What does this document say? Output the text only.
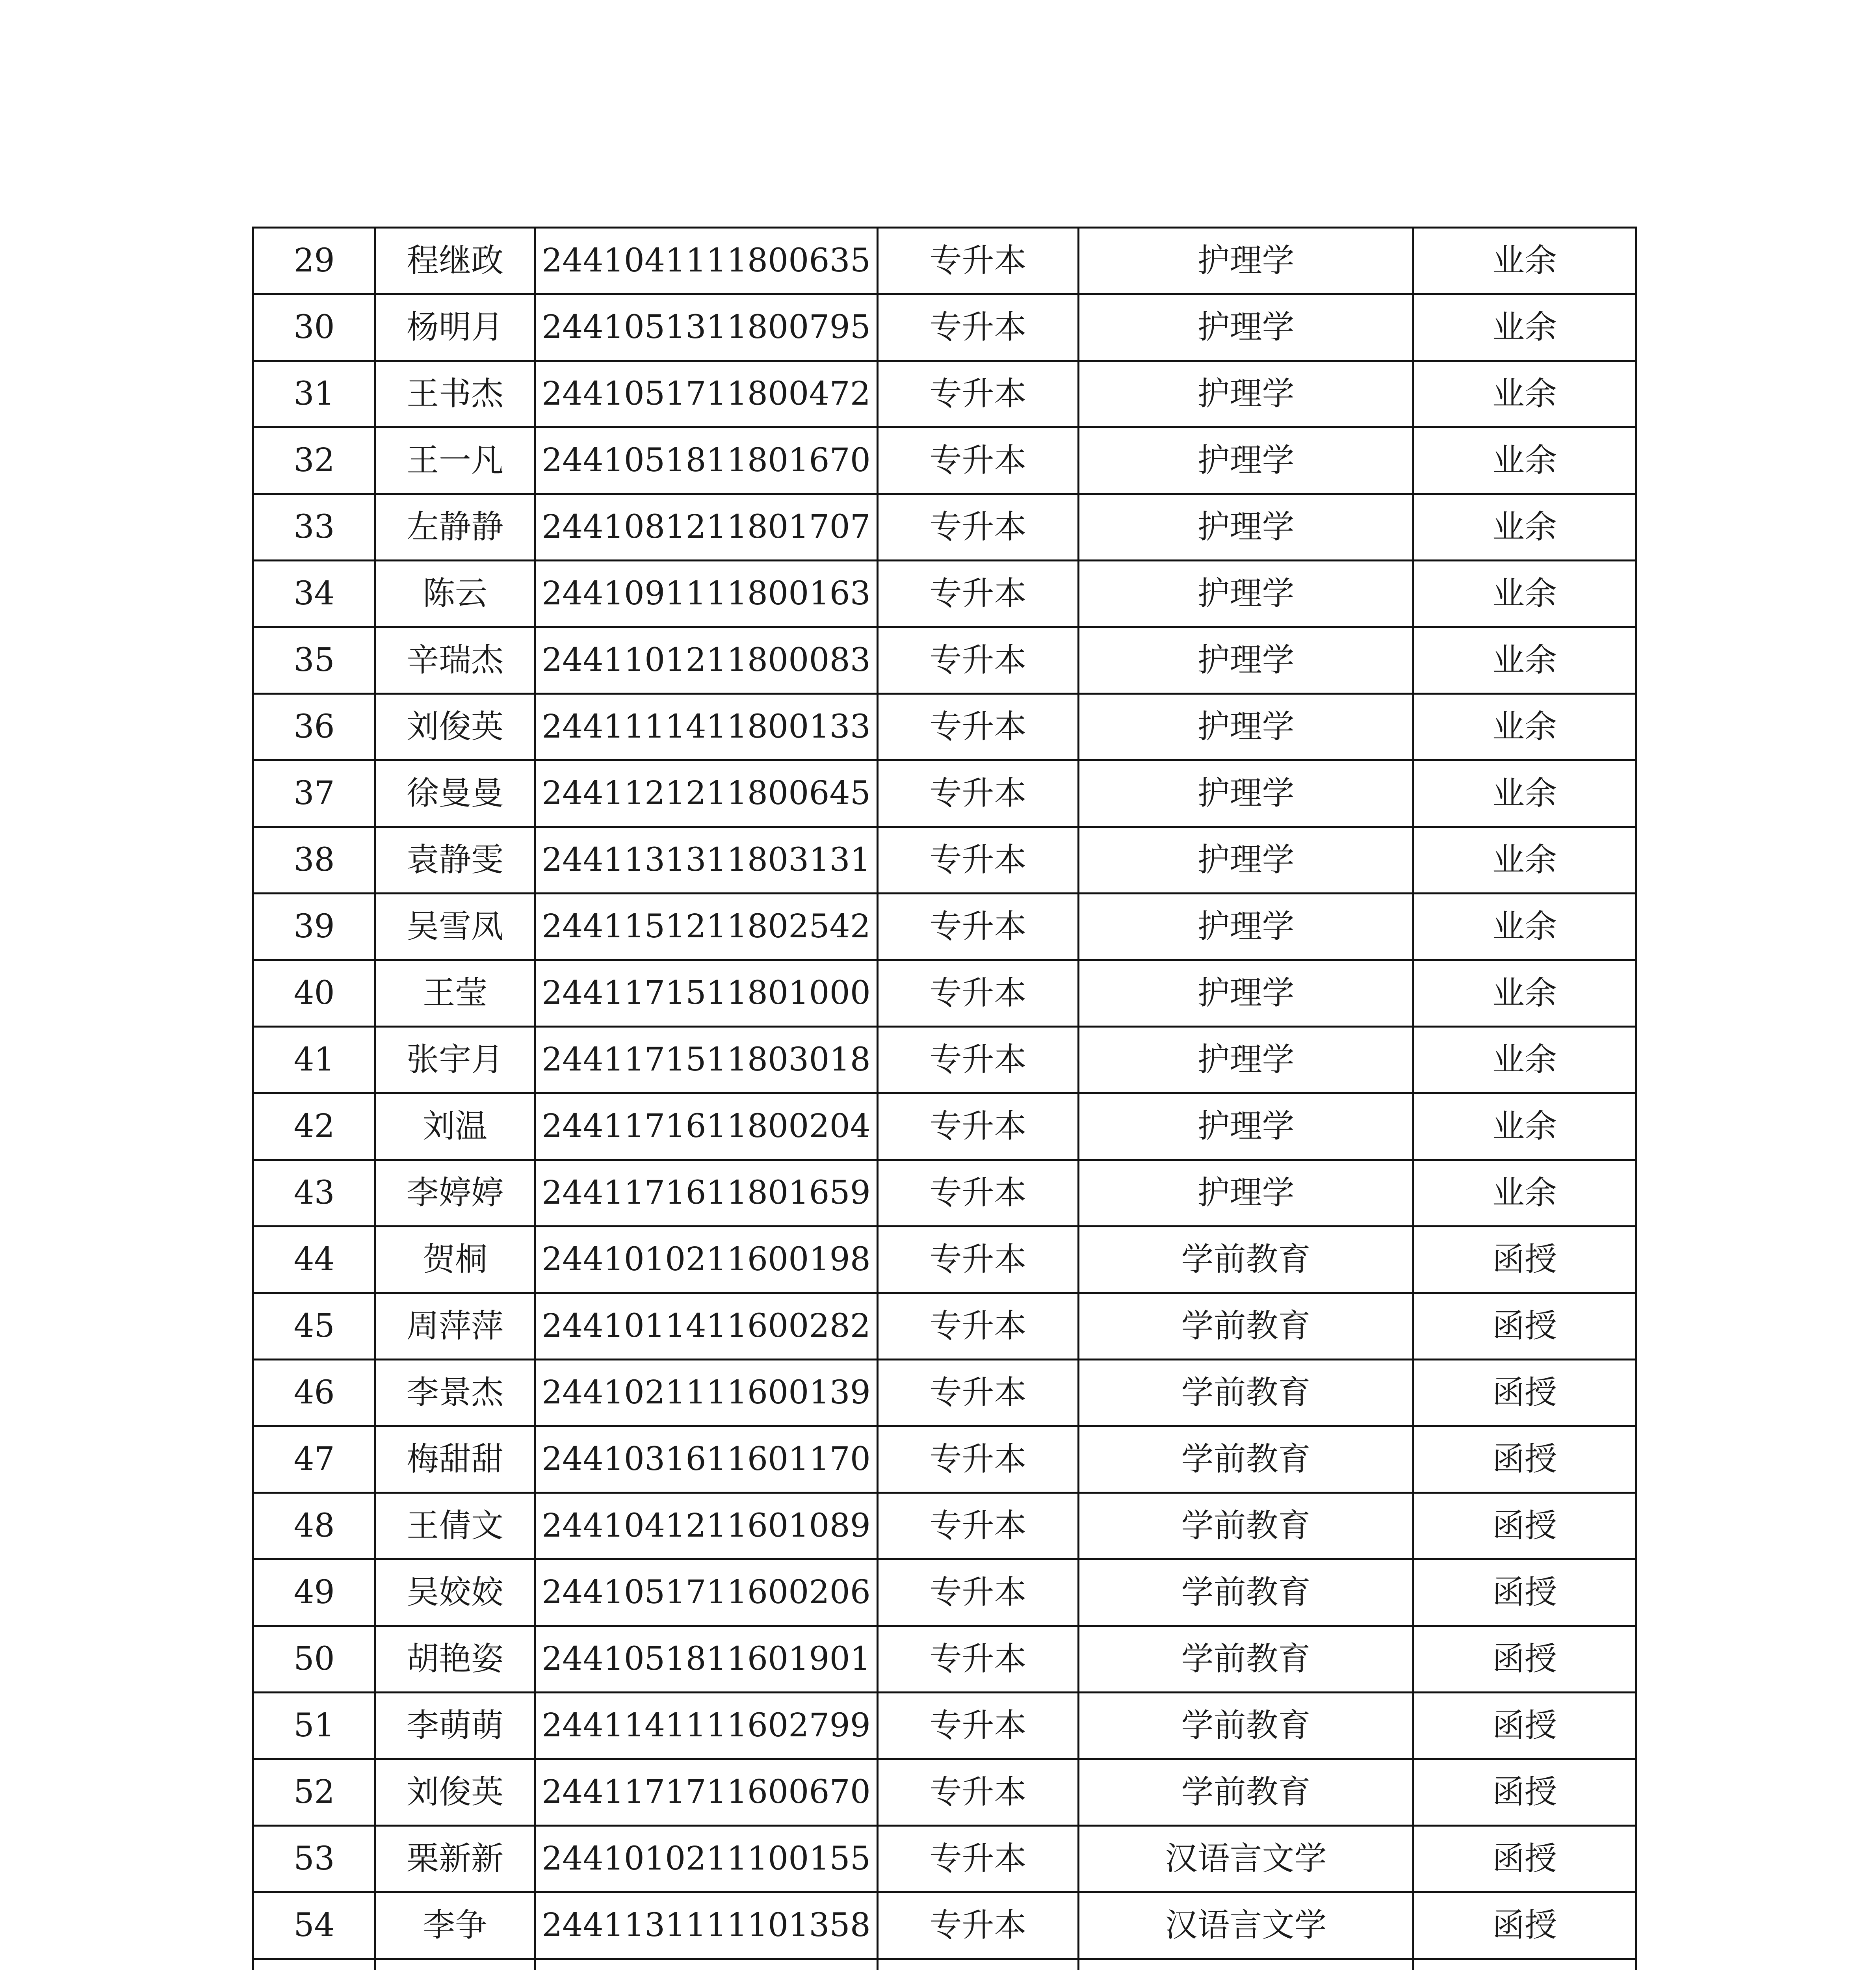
29	程继政	2441041111800635	专升本	护理学	业余
30	杨明月	2441051311800795	专升本	护理学	业余
31	王书杰	2441051711800472	专升本	护理学	业余
32	王一凡	2441051811801670	专升本	护理学	业余
33	左静静	2441081211801707	专升本	护理学	业余
34	陈云	2441091111800163	专升本	护理学	业余
35	辛瑞杰	2441101211800083	专升本	护理学	业余
36	刘俊英	2441111411800133	专升本	护理学	业余
37	徐曼曼	2441121211800645	专升本	护理学	业余
38	袁静雯	2441131311803131	专升本	护理学	业余
39	吴雪凤	2441151211802542	专升本	护理学	业余
40	王莹	2441171511801000	专升本	护理学	业余
41	张宇月	2441171511803018	专升本	护理学	业余
42	刘温	2441171611800204	专升本	护理学	业余
43	李婷婷	2441171611801659	专升本	护理学	业余
44	贺桐	2441010211600198	专升本	学前教育	函授
45	周萍萍	2441011411600282	专升本	学前教育	函授
46	李景杰	2441021111600139	专升本	学前教育	函授
47	梅甜甜	2441031611601170	专升本	学前教育	函授
48	王倩文	2441041211601089	专升本	学前教育	函授
49	吴姣姣	2441051711600206	专升本	学前教育	函授
50	胡艳姿	2441051811601901	专升本	学前教育	函授
51	李萌萌	2441141111602799	专升本	学前教育	函授
52	刘俊英	2441171711600670	专升本	学前教育	函授
53	栗新新	2441010211100155	专升本	汉语言文学	函授
54	李争	2441131111101358	专升本	汉语言文学	函授
